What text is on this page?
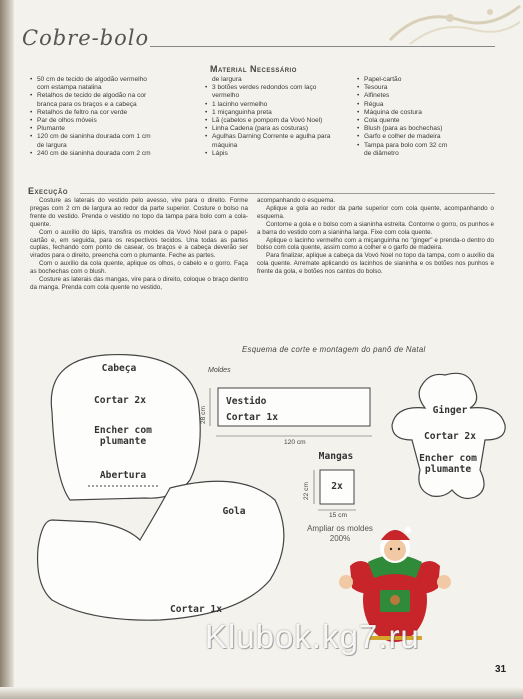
Cobre-bolo
Material Necessário
• 50 cm de tecido de algodão vermelho
com estampa natalina
• Retalhos de tecido de algodão na cor
branca para os braços e a cabeça
• Retalhos de feltro na cor verde
• Par de olhos móveis
• Plumante
• 120 cm de sianinha dourada com 1 cm
de largura
• 240 cm de sianinha dourada com 2 cm
de largura
• 3 botões verdes redondos com laço
vermelho
• 1 lacinho vermelho
• 1 miçanguinha preta
• Lã (cabelos e pompom da Vovó Noel)
• Linha Cadena (para as costuras)
• Agulhas Darning Corrente e agulha para
máquina
• Lápis
• Papel-cartão
• Tesoura
• Alfinetes
• Régua
• Máquina de costura
• Cola quente
• Blush (para as bochechas)
• Garfo e colher de madeira
• Tampa para bolo com 32 cm
de diâmetro
Execução

Costure as laterais do vestido pelo avesso, vire para o direito. Forme pregas com 2 cm de largura ao redor da parte superior. Costure o bolso na frente do vestido. Prenda o vestido no topo da tampa para bolo com a cola-quente.

Com o auxílio do lápis, transfira os moldes da Vovó Noel para o papel-cartão e, em seguida, para os respectivos tecidos. Una todas as partes cuplas, fechando com ponto de casear, os braços e a cabeça deverão ser virados para o direito, preencha com o plumante. Feche as partes.

Com o auxílio da cola quente, aplique os olhos, o cabelo e o gorro. Faça as bochechas com o blush.

Costure as laterais das mangas, vire para o direito, coloque o braço dentro da manga. Prenda com cola quente no vestido,

acompanhando o esquema.

Aplique a gola ao redor da parte superior com cola quente, acompanhando o esquema.

Contorne a gola e o bolso com a sianinha estreita. Contorne o gorro, os punhos e a barra do vestido com a sianinha larga. Fixe com cola quente.

Aplique o lacinho vermelho com a miçanguinha no "ginger" e prenda-o dentro do bolso com cola quente, assim como a colher e o garfo de madeira.

Para finalizar, aplique a cabeça da Vovó Noel no topo da tampa, com o auxílio da cola quente. Arremate aplicando os lacinhos de sianinha e os botões nos punhos e frente da gola, e botões nos cantos do bolso.

Esquema de corte e montagem do panô de Natal
Moldes
Cabeça
Cortar 2x
Encher com plumante
Abertura
Vestido
Cortar 1x
120 cm
28 cm
Mangas
2x
22 cm
15 cm
Ginger
Cortar 2x
Encher com plumante
Gola
Cortar 1x
Ampliar os moldes 200%
Klubok.kg7.ru
31
